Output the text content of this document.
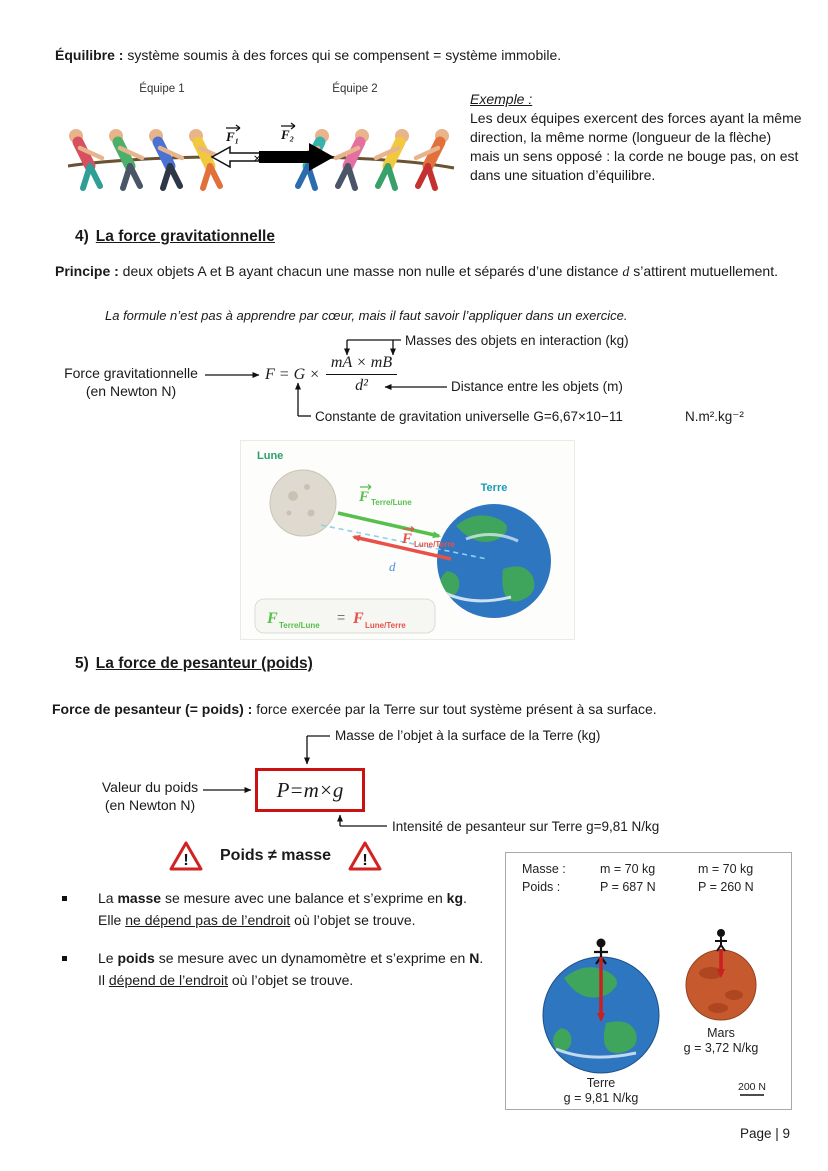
Équilibre : système soumis à des forces qui se compensent = système immobile.
Équipe 1	Équipe 2
F₁	F₂
✕
Exemple :
Les deux équipes exercent des forces ayant la même direction, la même norme (longueur de la flèche) mais un sens opposé : la corde ne bouge pas, on est dans une situation d’équilibre.
4) La force gravitationnelle
Principe : deux objets A et B ayant chacun une masse non nulle et séparés d’une distance d s’attirent mutuellement.
La formule n’est pas à apprendre par cœur, mais il faut savoir l’appliquer dans un exercice.
Masses des objets en interaction (kg)
Force gravitationnelle
(en Newton N)
$F = G \times \frac{mA \times mB}{\text{d²}}$	Distance entre les objets (m)
Constante de gravitation universelle G=6,67×10−11	N.m².kg⁻²
Lune
Terre
d
F Terre/Lune
F Lune/Terre
F Terre/Lune
= F Lune/Terre
5) La force de pesanteur (poids)
Force de pesanteur (= poids) : force exercée par la Terre sur tout système présent à sa surface.
Masse de l’objet à la surface de la Terre (kg)
Valeur du poids
(en Newton N)
P=m×g
Intensité de pesanteur sur Terre g=9,81 N/kg
! Poids ≠ masse !
La masse se mesure avec une balance et s’exprime en kg.
Elle ne dépend pas de l’endroit où l’objet se trouve.
Le poids se mesure avec un dynamomètre et s’exprime en N.
Il dépend de l’endroit où l’objet se trouve.
Masse :	m = 70 kg	m = 70 kg
Poids :	P = 687 N	P = 260 N
Terre
g = 9,81 N/kg
Mars
g = 3,72 N/kg
200 N
Page | 9
